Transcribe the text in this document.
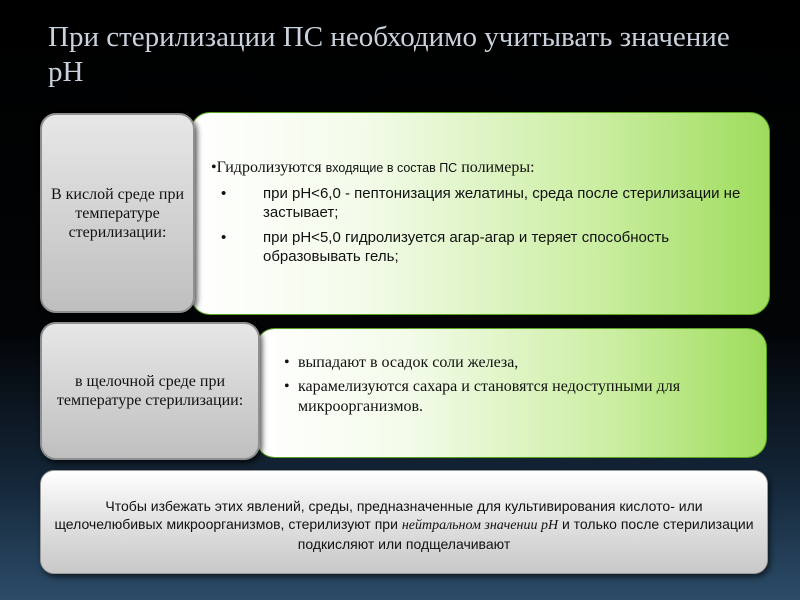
При стерилизации ПС необходимо учитывать значение рН

•Гидролизуются входящие в состав ПС полимеры:

• при рН<6,0 - пептонизация желатины, среда после стерилизации не застывает;

• при рН<5,0 гидролизуется агар-агар и теряет способность образовывать гель;

В кислой среде при температуре стерилизации:
• выпадают в осадок соли железа,
• карамелизуются сахара и становятся недоступными для микроорганизмов.
в щелочной среде при температуре стерилизации:
Чтобы избежать этих явлений, среды, предназначенные для культивирования кислото- или щелочелюбивых микроорганизмов, стерилизуют при нейтральном значении рН и только после стерилизации подкисляют или подщелачивают
